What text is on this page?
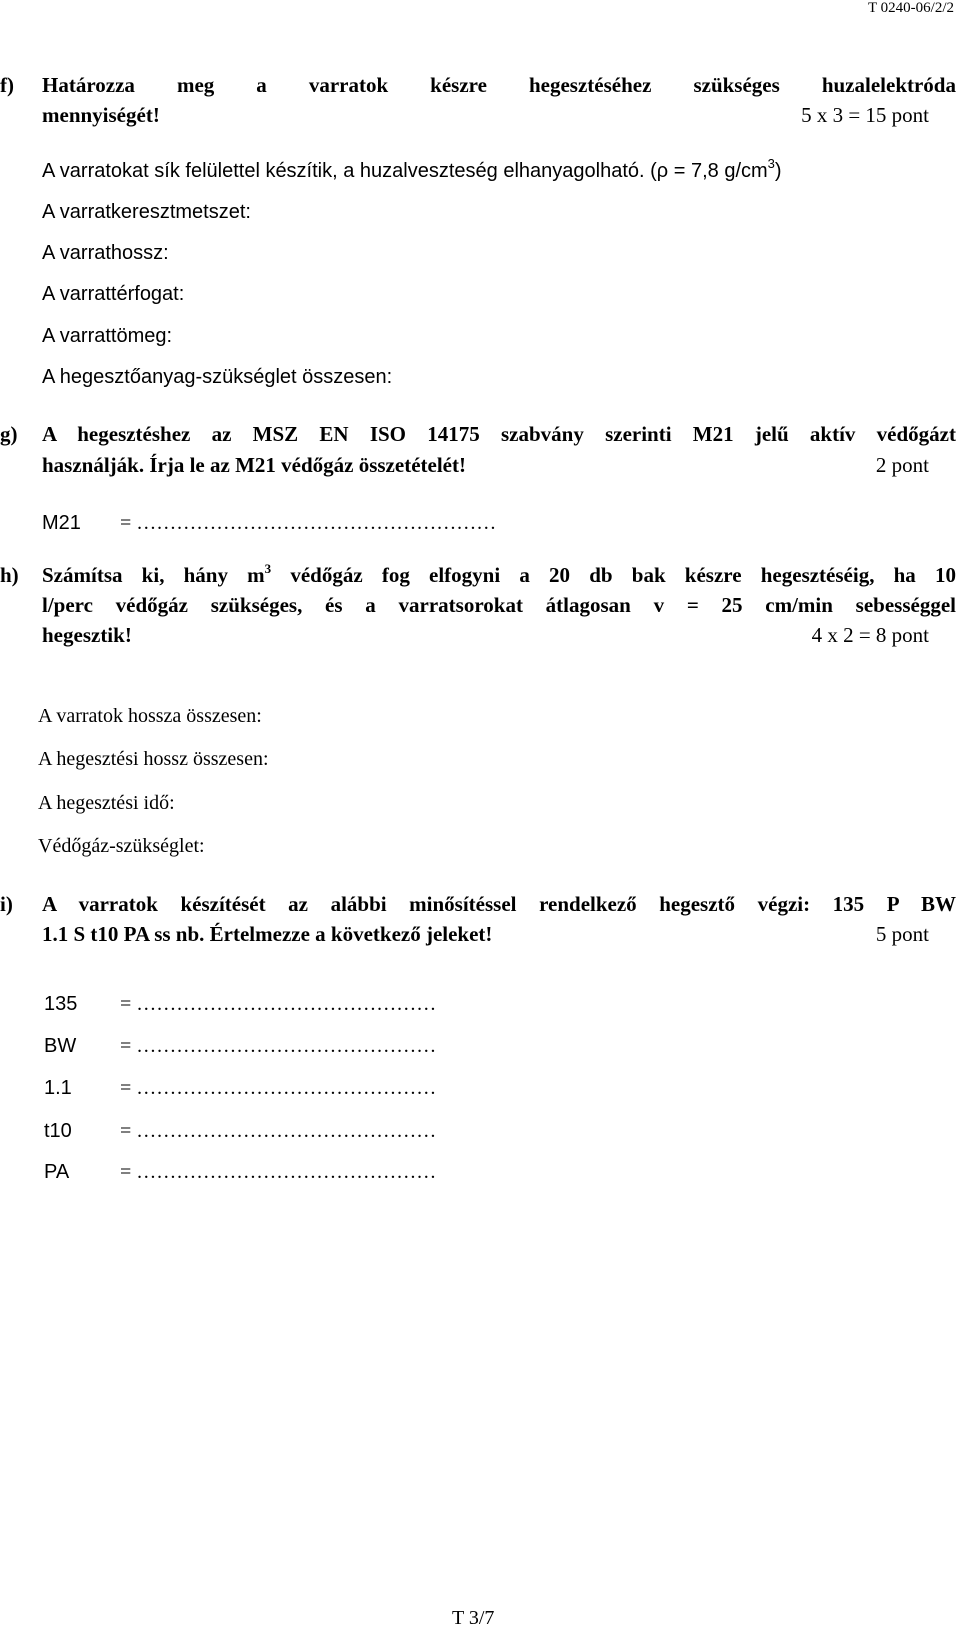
T 0240-06/2/2
f) Határozza meg a varratok készre hegesztéséhez szükséges huzalelektróda
mennyiségét!	5 x 3 = 15 pont
A varratokat sík felülettel készítik, a huzalveszteség elhanyagolható. (ρ = 7,8 $g/cm^3$)
A varratkeresztmetszet:
A varrathossz:
A varrattérfogat:
A varrattömeg:
A hegesztőanyag-szükséglet összesen:
g) A hegesztéshez az MSZ EN ISO 14175 szabvány szerinti M21 jelű aktív védőgázt
használják. Írja le az M21 védőgáz összetételét!	2 pont
M21 = ………………………………………………
h) Számítsa ki, hány $m^3$ védőgáz fog elfogyni a 20 db bak készre hegesztéséig, ha 10
l/perc védőgáz szükséges, és a varratsorokat átlagosan v = 25 cm/min sebességgel
hegesztik!	4 x 2 = 8 pont
A varratok hossza összesen:
A hegesztési hossz összesen:
A hegesztési idő:
Védőgáz-szükséglet:
i) A varratok készítését az alábbi minősítéssel rendelkező hegesztő végzi: 135 P BW
1.1 S t10 PA ss nb. Értelmezze a következő jeleket!	5 pont
135 = ………………………………………
BW = ………………………………………
1.1 = ………………………………………
t10 = ………………………………………
PA	= ………………………………………
T 3/7
